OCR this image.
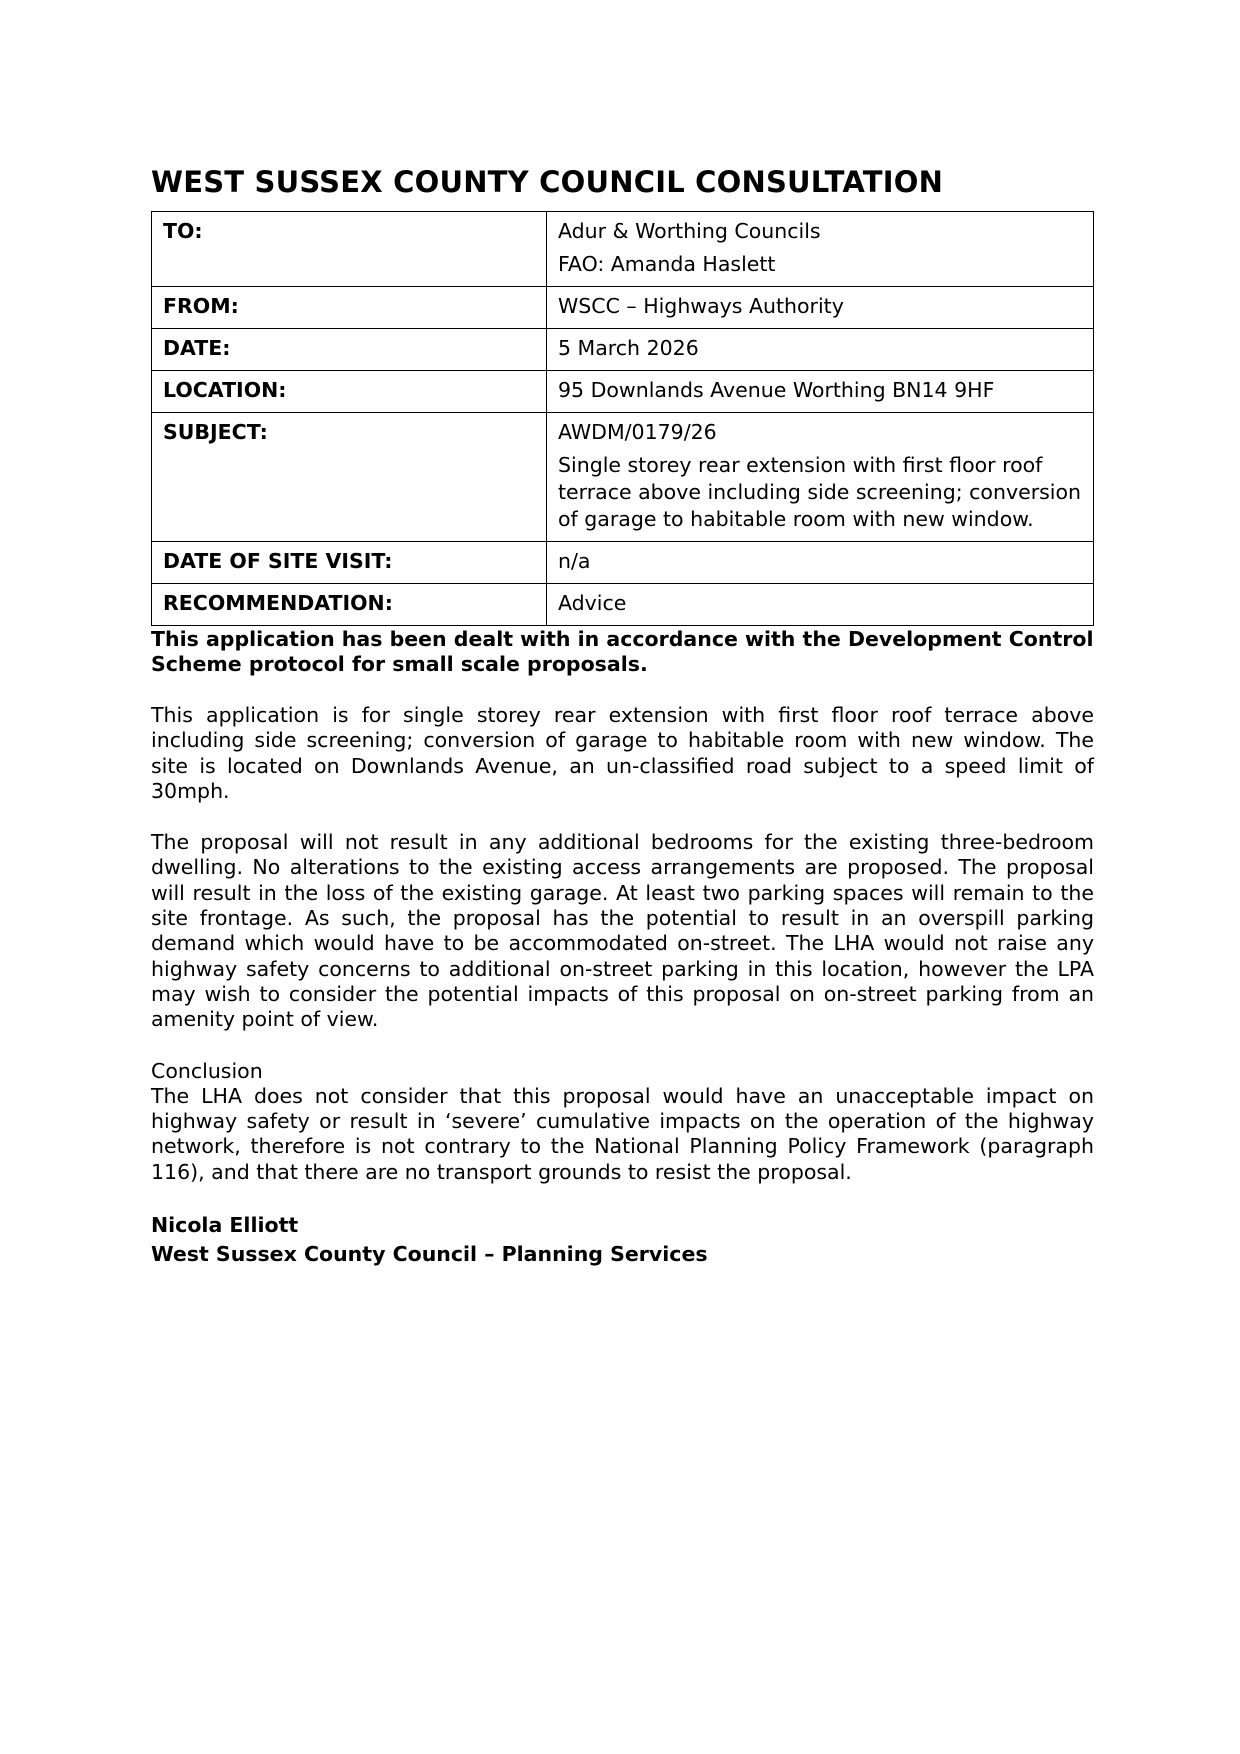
WEST SUSSEX COUNTY COUNCIL CONSULTATION
TO:	Adur & Worthing Councils
FAO: Amanda Haslett

FROM:	WSCC – Highways Authority
DATE:	5 March 2026
LOCATION:	95 Downlands Avenue Worthing BN14 9HF
SUBJECT:	AWDM/0179/26
Single storey rear extension with first floor roof terrace above including side screening; conversion of garage to habitable room with new window.

DATE OF SITE VISIT:	n/a
RECOMMENDATION:	Advice

This application has been dealt with in accordance with the Development Control Scheme protocol for small scale proposals.

This application is for single storey rear extension with first floor roof terrace above including side screening; conversion of garage to habitable room with new window. The site is located on Downlands Avenue, an un-classified road subject to a speed limit of 30mph.

The proposal will not result in any additional bedrooms for the existing three-bedroom dwelling. No alterations to the existing access arrangements are proposed. The proposal will result in the loss of the existing garage. At least two parking spaces will remain to the site frontage. As such, the proposal has the potential to result in an overspill parking demand which would have to be accommodated on-street. The LHA would not raise any highway safety concerns to additional on-street parking in this location, however the LPA may wish to consider the potential impacts of this proposal on on-street parking from an amenity point of view.

Conclusion

The LHA does not consider that this proposal would have an unacceptable impact on highway safety or result in ‘severe’ cumulative impacts on the operation of the highway network, therefore is not contrary to the National Planning Policy Framework (paragraph 116), and that there are no transport grounds to resist the proposal.

Nicola Elliott
West Sussex County Council – Planning Services
